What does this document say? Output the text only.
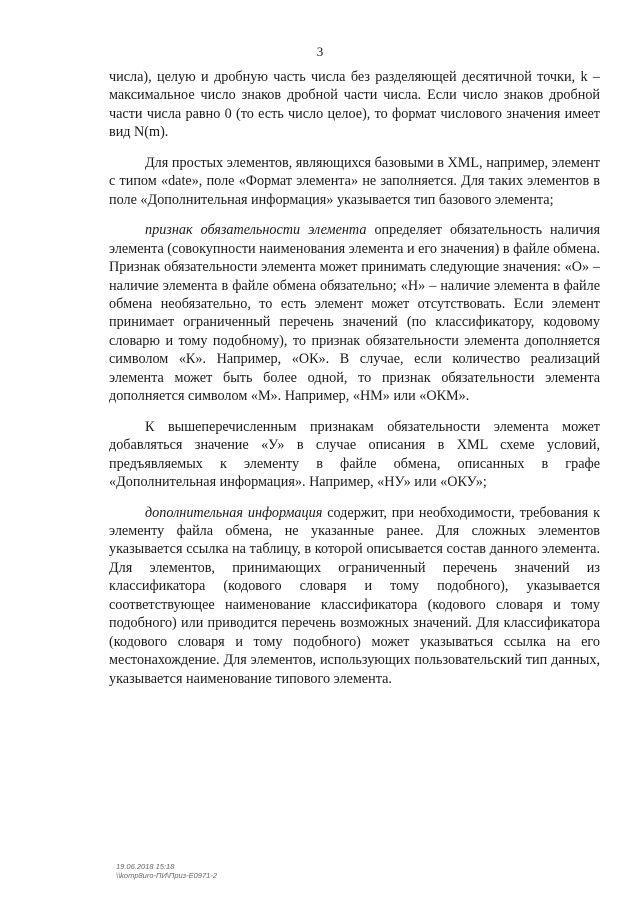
3

числа), целую и дробную часть числа без разделяющей десятичной точки, k – максимальное число знаков дробной части числа. Если число знаков дробной части числа равно 0 (то есть число целое), то формат числового значения имеет вид N(m).

Для простых элементов, являющихся базовыми в XML, например, элемент с типом «date», поле «Формат элемента» не заполняется. Для таких элементов в поле «Дополнительная информация» указывается тип базового элемента;

признак обязательности элемента определяет обязательность наличия элемента (совокупности наименования элемента и его значения) в файле обмена. Признак обязательности элемента может принимать следующие значения: «О» – наличие элемента в файле обмена обязательно; «Н» – наличие элемента в файле обмена необязательно, то есть элемент может отсутствовать. Если элемент принимает ограниченный перечень значений (по классификатору, кодовому словарю и тому подобному), то признак обязательности элемента дополняется символом «К». Например, «ОК». В случае, если количество реализаций элемента может быть более одной, то признак обязательности элемента дополняется символом «М». Например, «НМ» или «ОКМ».

К вышеперечисленным признакам обязательности элемента может добавляться значение «У» в случае описания в XML схеме условий, предъявляемых к элементу в файле обмена, описанных в графе «Дополнительная информация». Например, «НУ» или «ОКУ»;

дополнительная информация содержит, при необходимости, требования к элементу файла обмена, не указанные ранее. Для сложных элементов указывается ссылка на таблицу, в которой описывается состав данного элемента. Для элементов, принимающих ограниченный перечень значений из классификатора (кодового словаря и тому подобного), указывается соответствующее наименование классификатора (кодового словаря и тому подобного) или приводится перечень возможных значений. Для классификатора (кодового словаря и тому подобного) может указываться ссылка на его местонахождение. Для элементов, использующих пользовательский тип данных, указывается наименование типового элемента.

19.06.2018 15:18
\\komp8uro-ПИ\Приз-Е0971-2
